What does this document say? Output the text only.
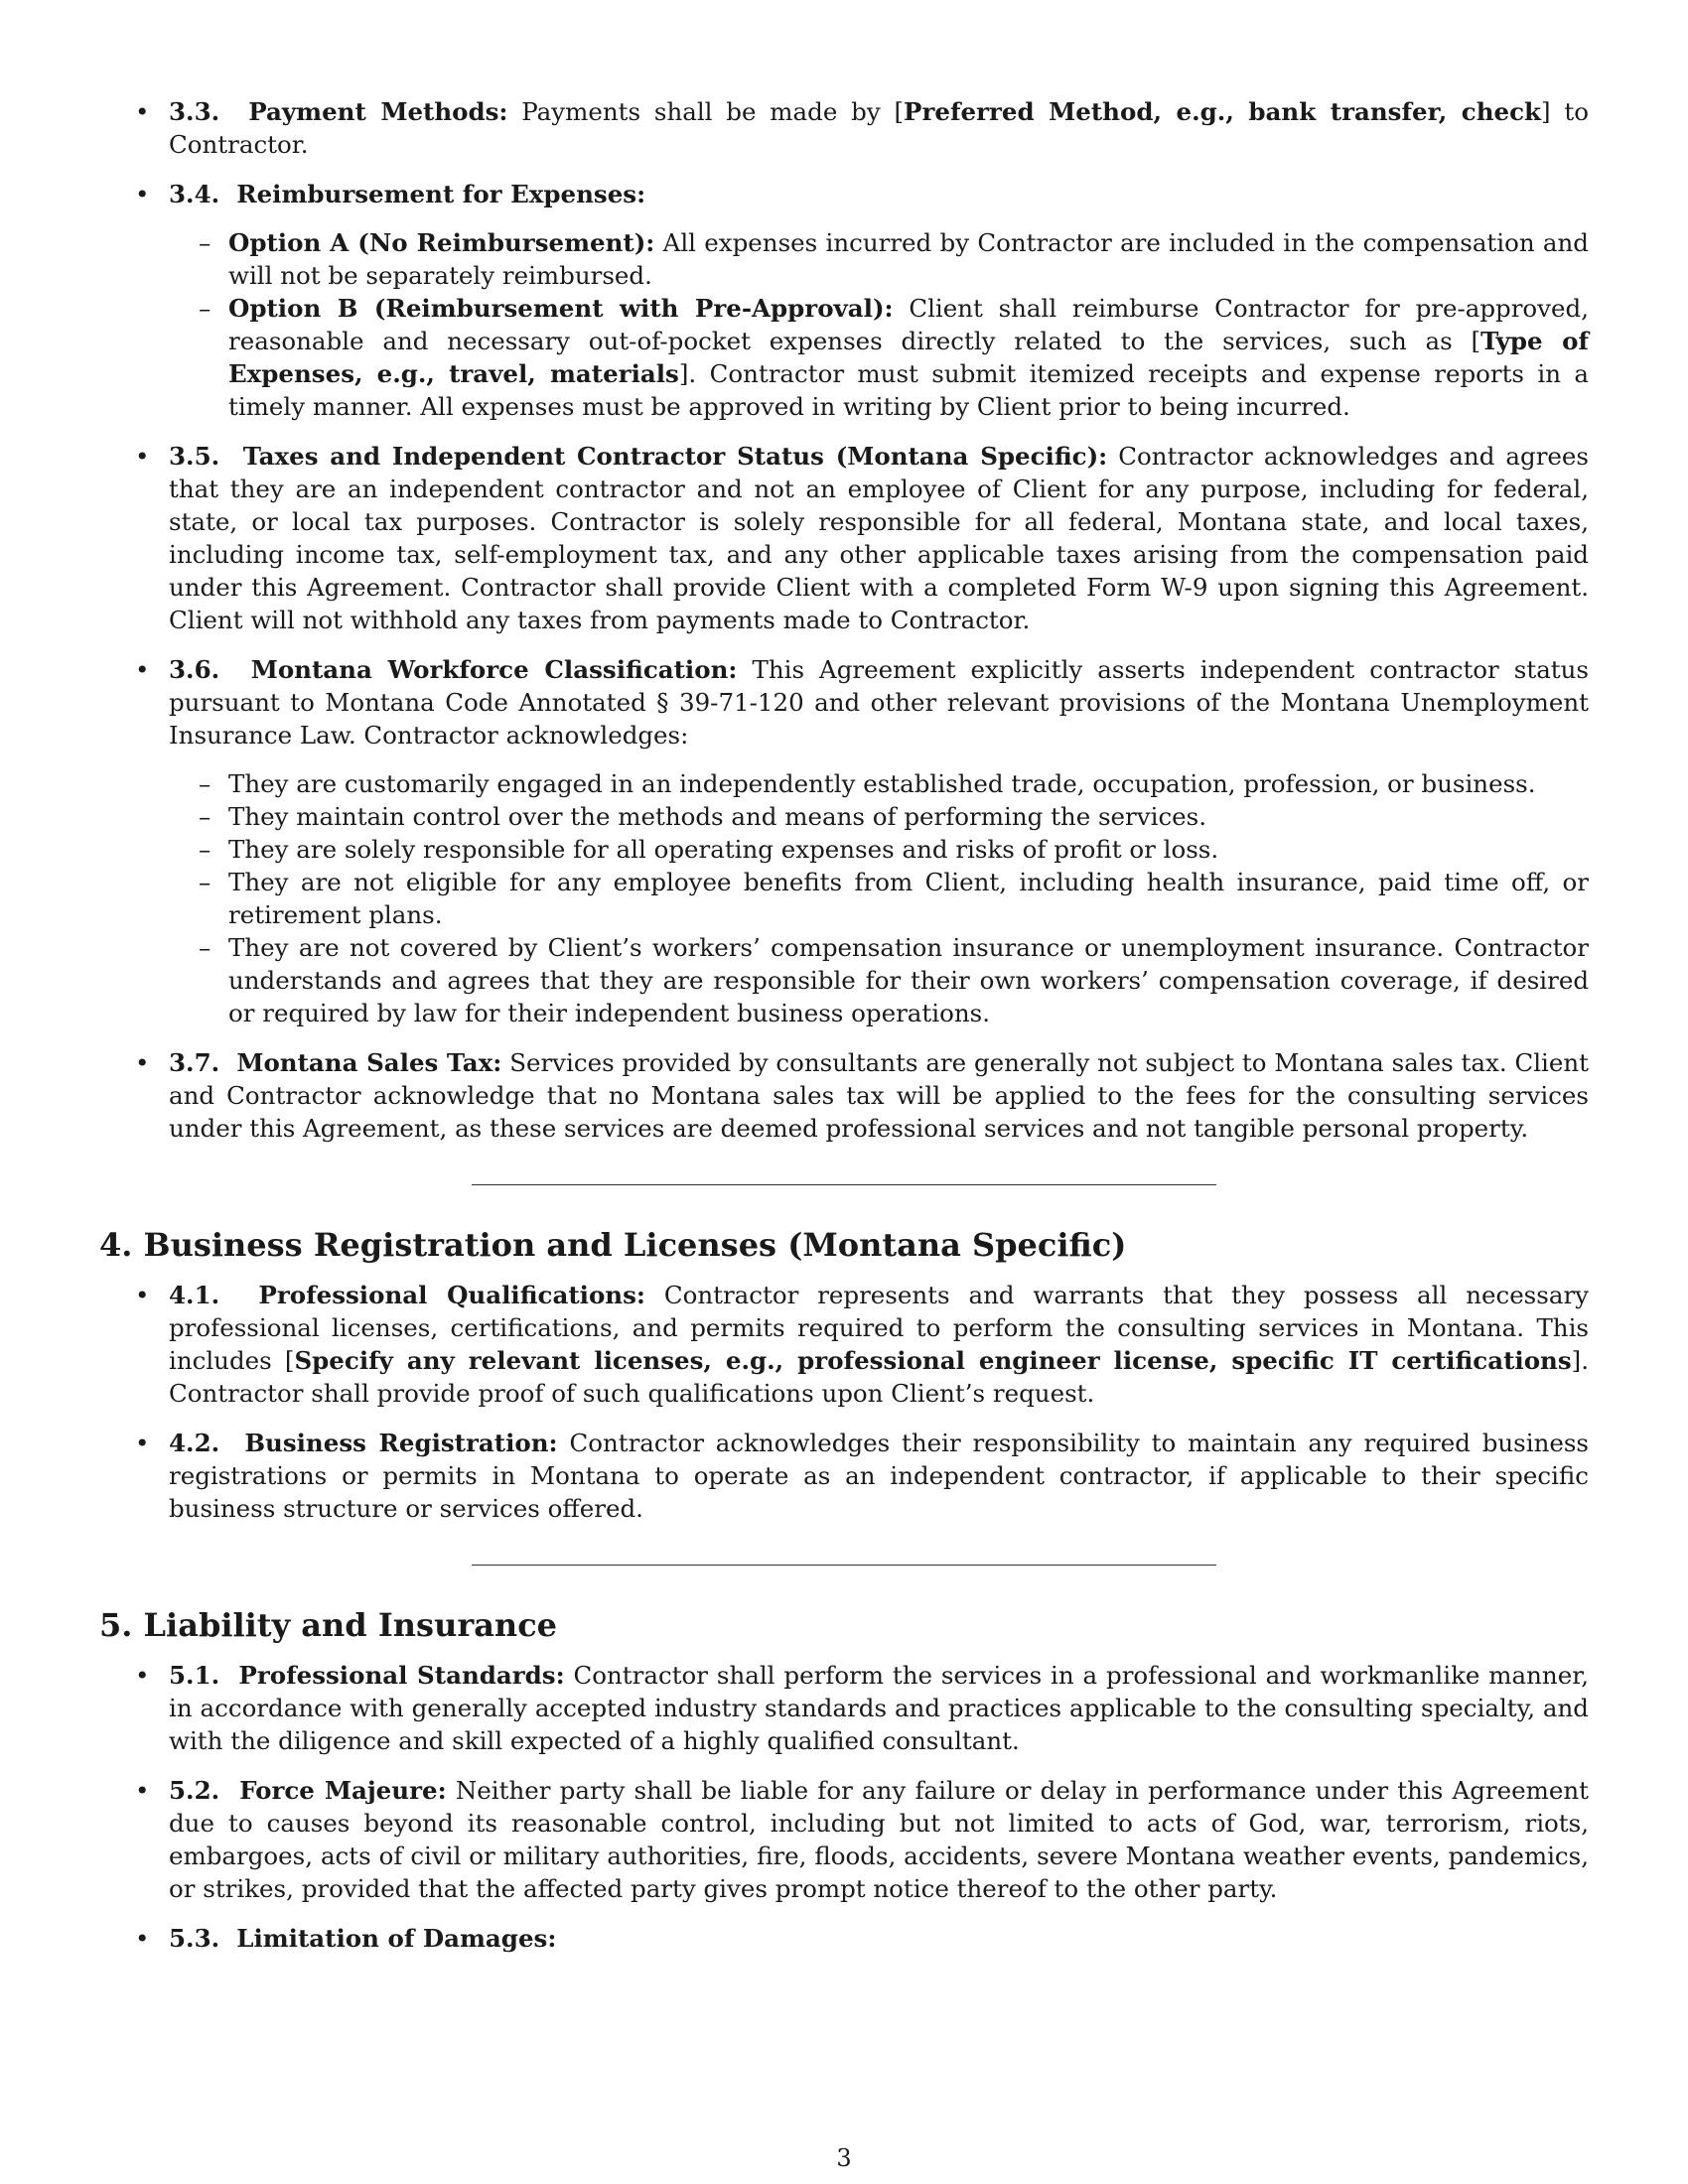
• 3.3. Payment Methods: Payments shall be made by [Preferred Method, e.g., bank transfer, check] to Contractor.
• 3.4. Reimbursement for Expenses:
– Option A (No Reimbursement): All expenses incurred by Contractor are included in the compensation and will not be separately reimbursed.
– Option B (Reimbursement with Pre-Approval): Client shall reimburse Contractor for pre-approved, reasonable and necessary out-of-pocket expenses directly related to the services, such as [Type of Expenses, e.g., travel, materials]. Contractor must submit itemized receipts and expense reports in a timely manner. All expenses must be approved in writing by Client prior to being incurred.
• 3.5. Taxes and Independent Contractor Status (Montana Specific): Contractor acknowledges and agrees that they are an independent contractor and not an employee of Client for any purpose, including for federal, state, or local tax purposes. Contractor is solely responsible for all federal, Montana state, and local taxes, including income tax, self-employment tax, and any other applicable taxes arising from the compensation paid under this Agreement. Contractor shall provide Client with a completed Form W-9 upon signing this Agreement. Client will not withhold any taxes from payments made to Contractor.
• 3.6. Montana Workforce Classification: This Agreement explicitly asserts independent contractor status pursuant to Montana Code Annotated § 39-71-120 and other relevant provisions of the Montana Unemployment Insurance Law. Contractor acknowledges:
– They are customarily engaged in an independently established trade, occupation, profession, or business.
– They maintain control over the methods and means of performing the services.
– They are solely responsible for all operating expenses and risks of profit or loss.
– They are not eligible for any employee benefits from Client, including health insurance, paid time off, or retirement plans.
– They are not covered by Client’s workers’ compensation insurance or unemployment insurance. Contractor understands and agrees that they are responsible for their own workers’ compensation coverage, if desired or required by law for their independent business operations.
• 3.7. Montana Sales Tax: Services provided by consultants are generally not subject to Montana sales tax. Client and Contractor acknowledge that no Montana sales tax will be applied to the fees for the consulting services under this Agreement, as these services are deemed professional services and not tangible personal property.
4. Business Registration and Licenses (Montana Specific)
• 4.1. Professional Qualifications: Contractor represents and warrants that they possess all necessary professional licenses, certifications, and permits required to perform the consulting services in Montana. This includes [Specify any relevant licenses, e.g., professional engineer license, specific IT certifications]. Contractor shall provide proof of such qualifications upon Client’s request.
• 4.2. Business Registration: Contractor acknowledges their responsibility to maintain any required business registrations or permits in Montana to operate as an independent contractor, if applicable to their specific business structure or services offered.
5. Liability and Insurance
• 5.1. Professional Standards: Contractor shall perform the services in a professional and workmanlike manner, in accordance with generally accepted industry standards and practices applicable to the consulting specialty, and with the diligence and skill expected of a highly qualified consultant.
• 5.2. Force Majeure: Neither party shall be liable for any failure or delay in performance under this Agreement due to causes beyond its reasonable control, including but not limited to acts of God, war, terrorism, riots, embargoes, acts of civil or military authorities, fire, floods, accidents, severe Montana weather events, pandemics, or strikes, provided that the affected party gives prompt notice thereof to the other party.
• 5.3. Limitation of Damages:
3
